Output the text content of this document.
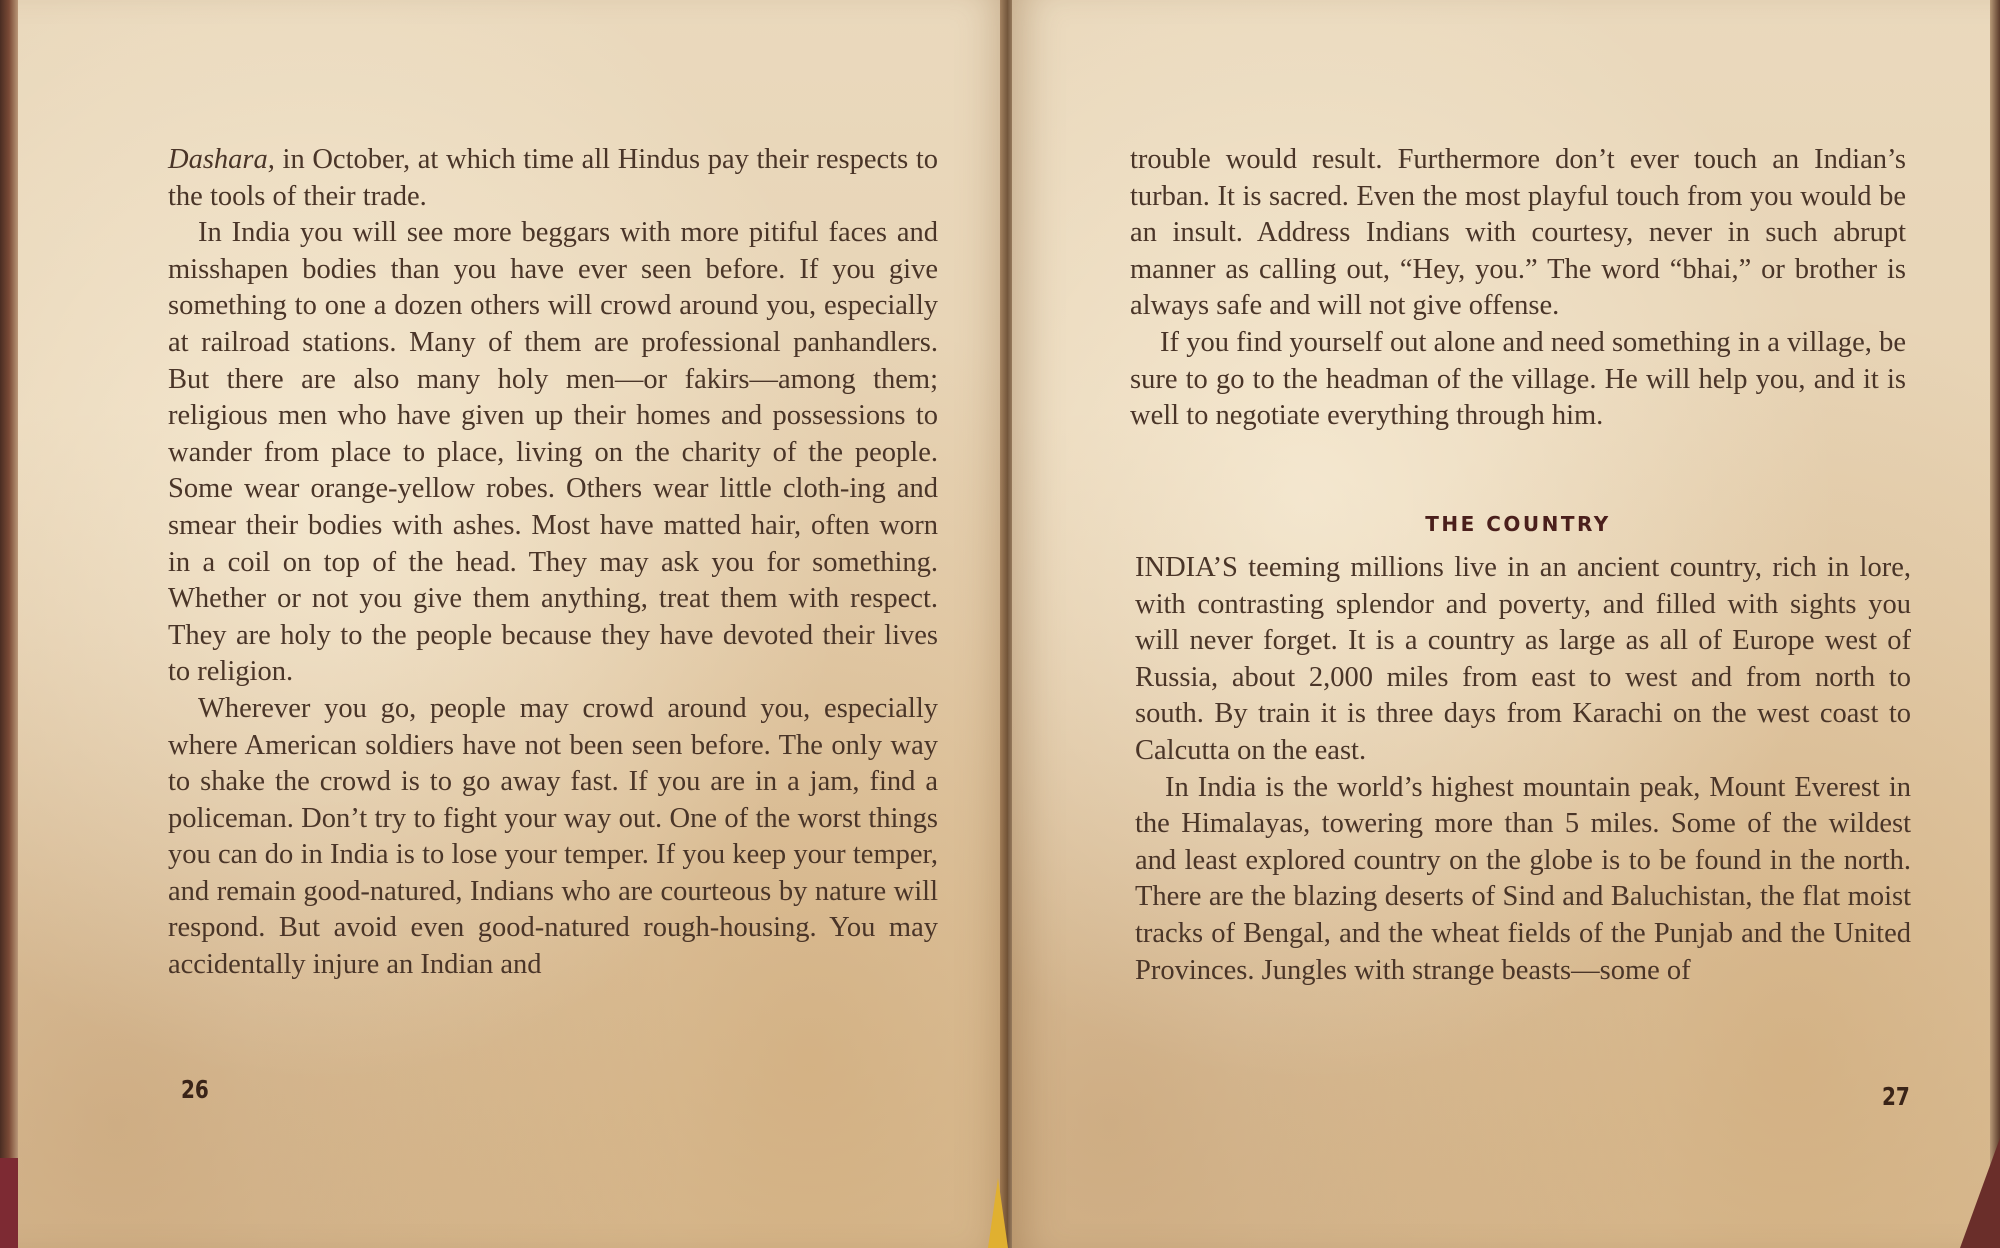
Dashara, in October, at which time all Hindus pay their respects to the tools of their trade.

In India you will see more beggars with more pitiful faces and misshapen bodies than you have ever seen before. If you give something to one a dozen others will crowd around you, especially at railroad stations. Many of them are professional panhandlers. But there are also many holy men—or fakirs—among them; religious men who have given up their homes and possessions to wander from place to place, living on the charity of the people. Some wear orange-yellow robes. Others wear little cloth-ing and smear their bodies with ashes. Most have matted hair, often worn in a coil on top of the head. They may ask you for something. Whether or not you give them anything, treat them with respect. They are holy to the people because they have devoted their lives to religion.

Wherever you go, people may crowd around you, especially where American soldiers have not been seen before. The only way to shake the crowd is to go away fast. If you are in a jam, find a policeman. Don’t try to fight your way out. One of the worst things you can do in India is to lose your temper. If you keep your temper, and remain good-natured, Indians who are courteous by nature will respond. But avoid even good-natured rough-housing. You may accidentally injure an Indian and

26

trouble would result. Furthermore don’t ever touch an Indian’s turban. It is sacred. Even the most playful touch from you would be an insult. Address Indians with courtesy, never in such abrupt manner as calling out, “Hey, you.” The word “bhai,” or brother is always safe and will not give offense.

If you find yourself out alone and need something in a village, be sure to go to the headman of the village. He will help you, and it is well to negotiate everything through him.

THE COUNTRY

INDIA’S teeming millions live in an ancient country, rich in lore, with contrasting splendor and poverty, and filled with sights you will never forget. It is a country as large as all of Europe west of Russia, about 2,000 miles from east to west and from north to south. By train it is three days from Karachi on the west coast to Calcutta on the east.

In India is the world’s highest mountain peak, Mount Everest in the Himalayas, towering more than 5 miles. Some of the wildest and least explored country on the globe is to be found in the north. There are the blazing deserts of Sind and Baluchistan, the flat moist tracks of Bengal, and the wheat fields of the Punjab and the United Provinces. Jungles with strange beasts—some of

27
